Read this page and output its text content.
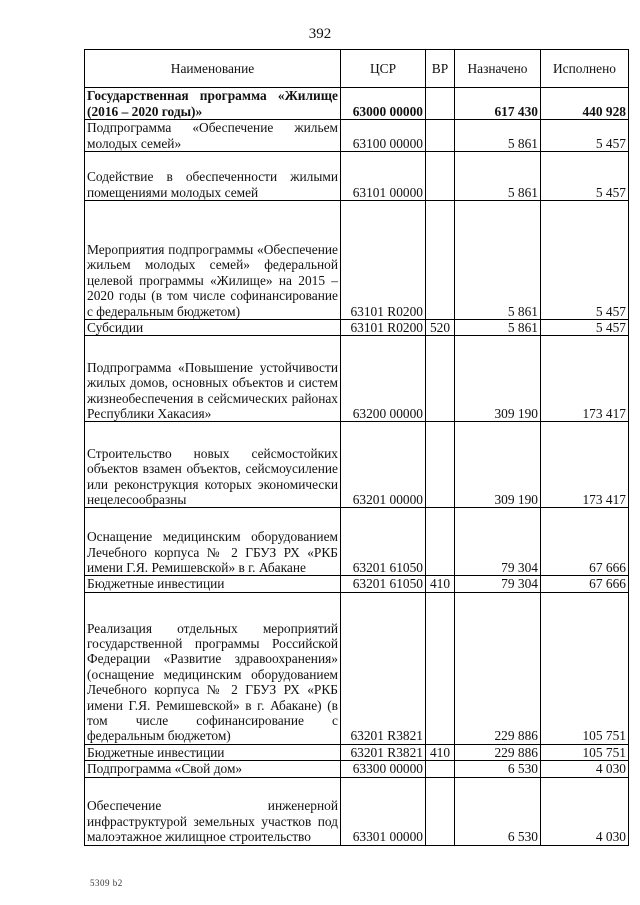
392
Наименование	ЦСР	ВР	Назначено	Исполнено
Государственная программа «Жилище (2016 – 2020 годы)»	63000 00000		617 430	440 928
Подпрограмма «Обеспечение жильем молодых семей»	63100 00000		5 861	5 457
Содействие в обеспеченности жилыми помещениями молодых семей	63101 00000		5 861	5 457
Мероприятия подпрограммы «Обеспечение жильем молодых семей» федеральной целевой программы «Жилище» на 2015 – 2020 годы (в том числе софинансирование с федеральным бюджетом)	63101 R0200		5 861	5 457
Субсидии	63101 R0200	520	5 861	5 457
Подпрограмма «Повышение устойчивости жилых домов, основных объектов и систем жизнеобеспечения в сейсмических районах Республики Хакасия»	63200 00000		309 190	173 417
Строительство новых сейсмостойких объектов взамен объектов, сейсмоусиление или реконструкция которых экономически нецелесообразны	63201 00000		309 190	173 417
Оснащение медицинским оборудованием Лечебного корпуса № 2 ГБУЗ РХ «РКБ имени Г.Я. Ремишевской» в г. Абакане	63201 61050		79 304	67 666
Бюджетные инвестиции	63201 61050	410	79 304	67 666
Реализация отдельных мероприятий государственной программы Российской Федерации «Развитие здравоохранения» (оснащение медицинским оборудованием Лечебного корпуса № 2 ГБУЗ РХ «РКБ имени Г.Я. Ремишевской» в г. Абакане) (в том числе софинансирование с федеральным бюджетом)	63201 R3821		229 886	105 751
Бюджетные инвестиции	63201 R3821	410	229 886	105 751
Подпрограмма «Свой дом»	63300 00000		6 530	4 030
Обеспечение инженерной инфраструктурой земельных участков под малоэтажное жилищное строительство	63301 00000		6 530	4 030
5309 b2
